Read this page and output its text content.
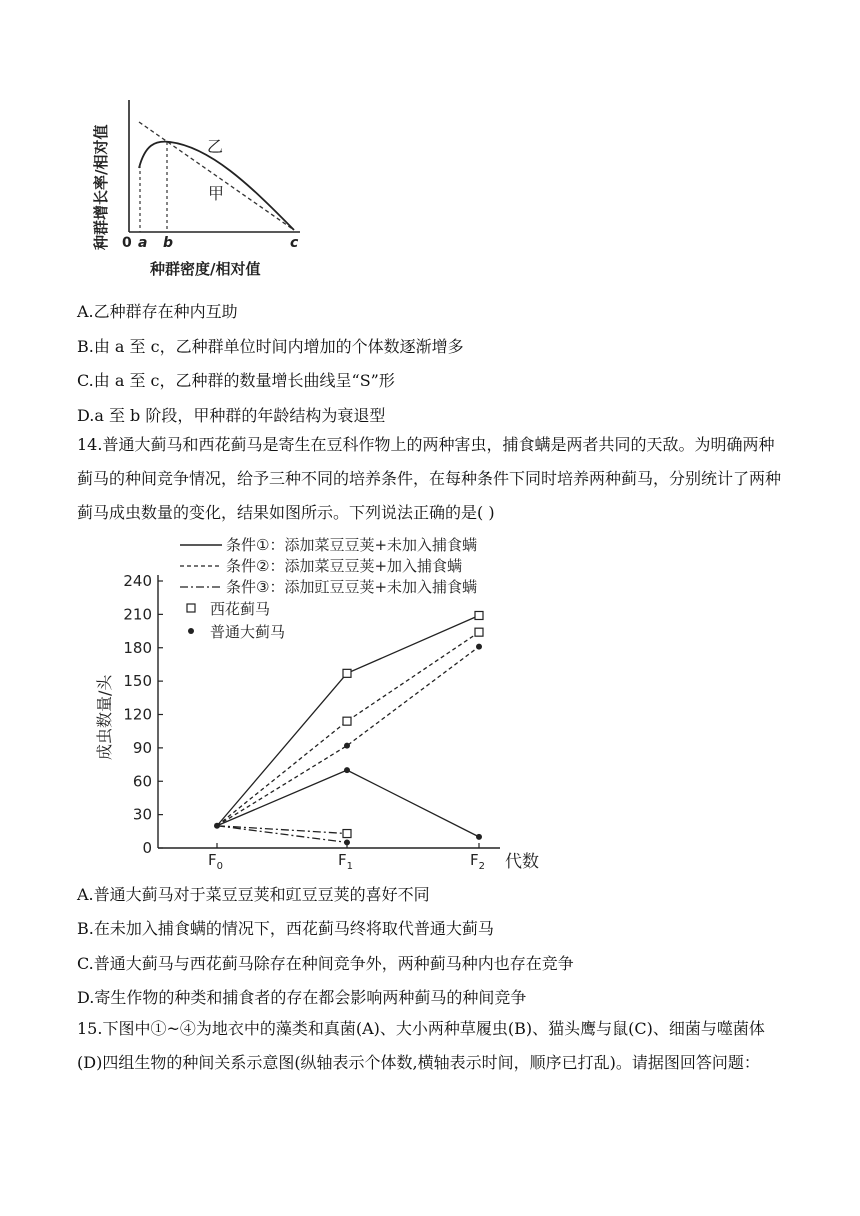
种群增长率/相对值
种群密度/相对值
0 a b	c
乙
甲
A.乙种群存在种内互助
B.由 a 至 c，乙种群单位时间内增加的个体数逐渐增多
C.由 a 至 c，乙种群的数量增长曲线呈“S”形
D.a 至 b 阶段，甲种群的年龄结构为衰退型
14.普通大蓟马和西花蓟马是寄生在豆科作物上的两种害虫，捕食螨是两者共同的天敌。为明确两种蓟马的种间竞争情况，给予三种不同的培养条件，在每种条件下同时培养两种蓟马，分别统计了两种蓟马成虫数量的变化，结果如图所示。下列说法正确的是( )
条件①：添加菜豆豆荚+未加入捕食螨
条件②：添加菜豆豆荚+加入捕食螨
条件③：添加豇豆豆荚+未加入捕食螨
西花蓟马
普通大蓟马
0
30
60
90
120
150
180
210
240
$F_0$	$F_1$	$F_2$
成虫数量/头
代数
A.普通大蓟马对于菜豆豆荚和豇豆豆荚的喜好不同
B.在未加入捕食螨的情况下，西花蓟马终将取代普通大蓟马
C.普通大蓟马与西花蓟马除存在种间竞争外，两种蓟马种内也存在竞争
D.寄生作物的种类和捕食者的存在都会影响两种蓟马的种间竞争
15.下图中①~④为地衣中的藻类和真菌(A)、大小两种草履虫(B)、猫头鹰与鼠(C)、细菌与噬菌体(D)四组生物的种间关系示意图(纵轴表示个体数,横轴表示时间，顺序已打乱)。请据图回答问题：
